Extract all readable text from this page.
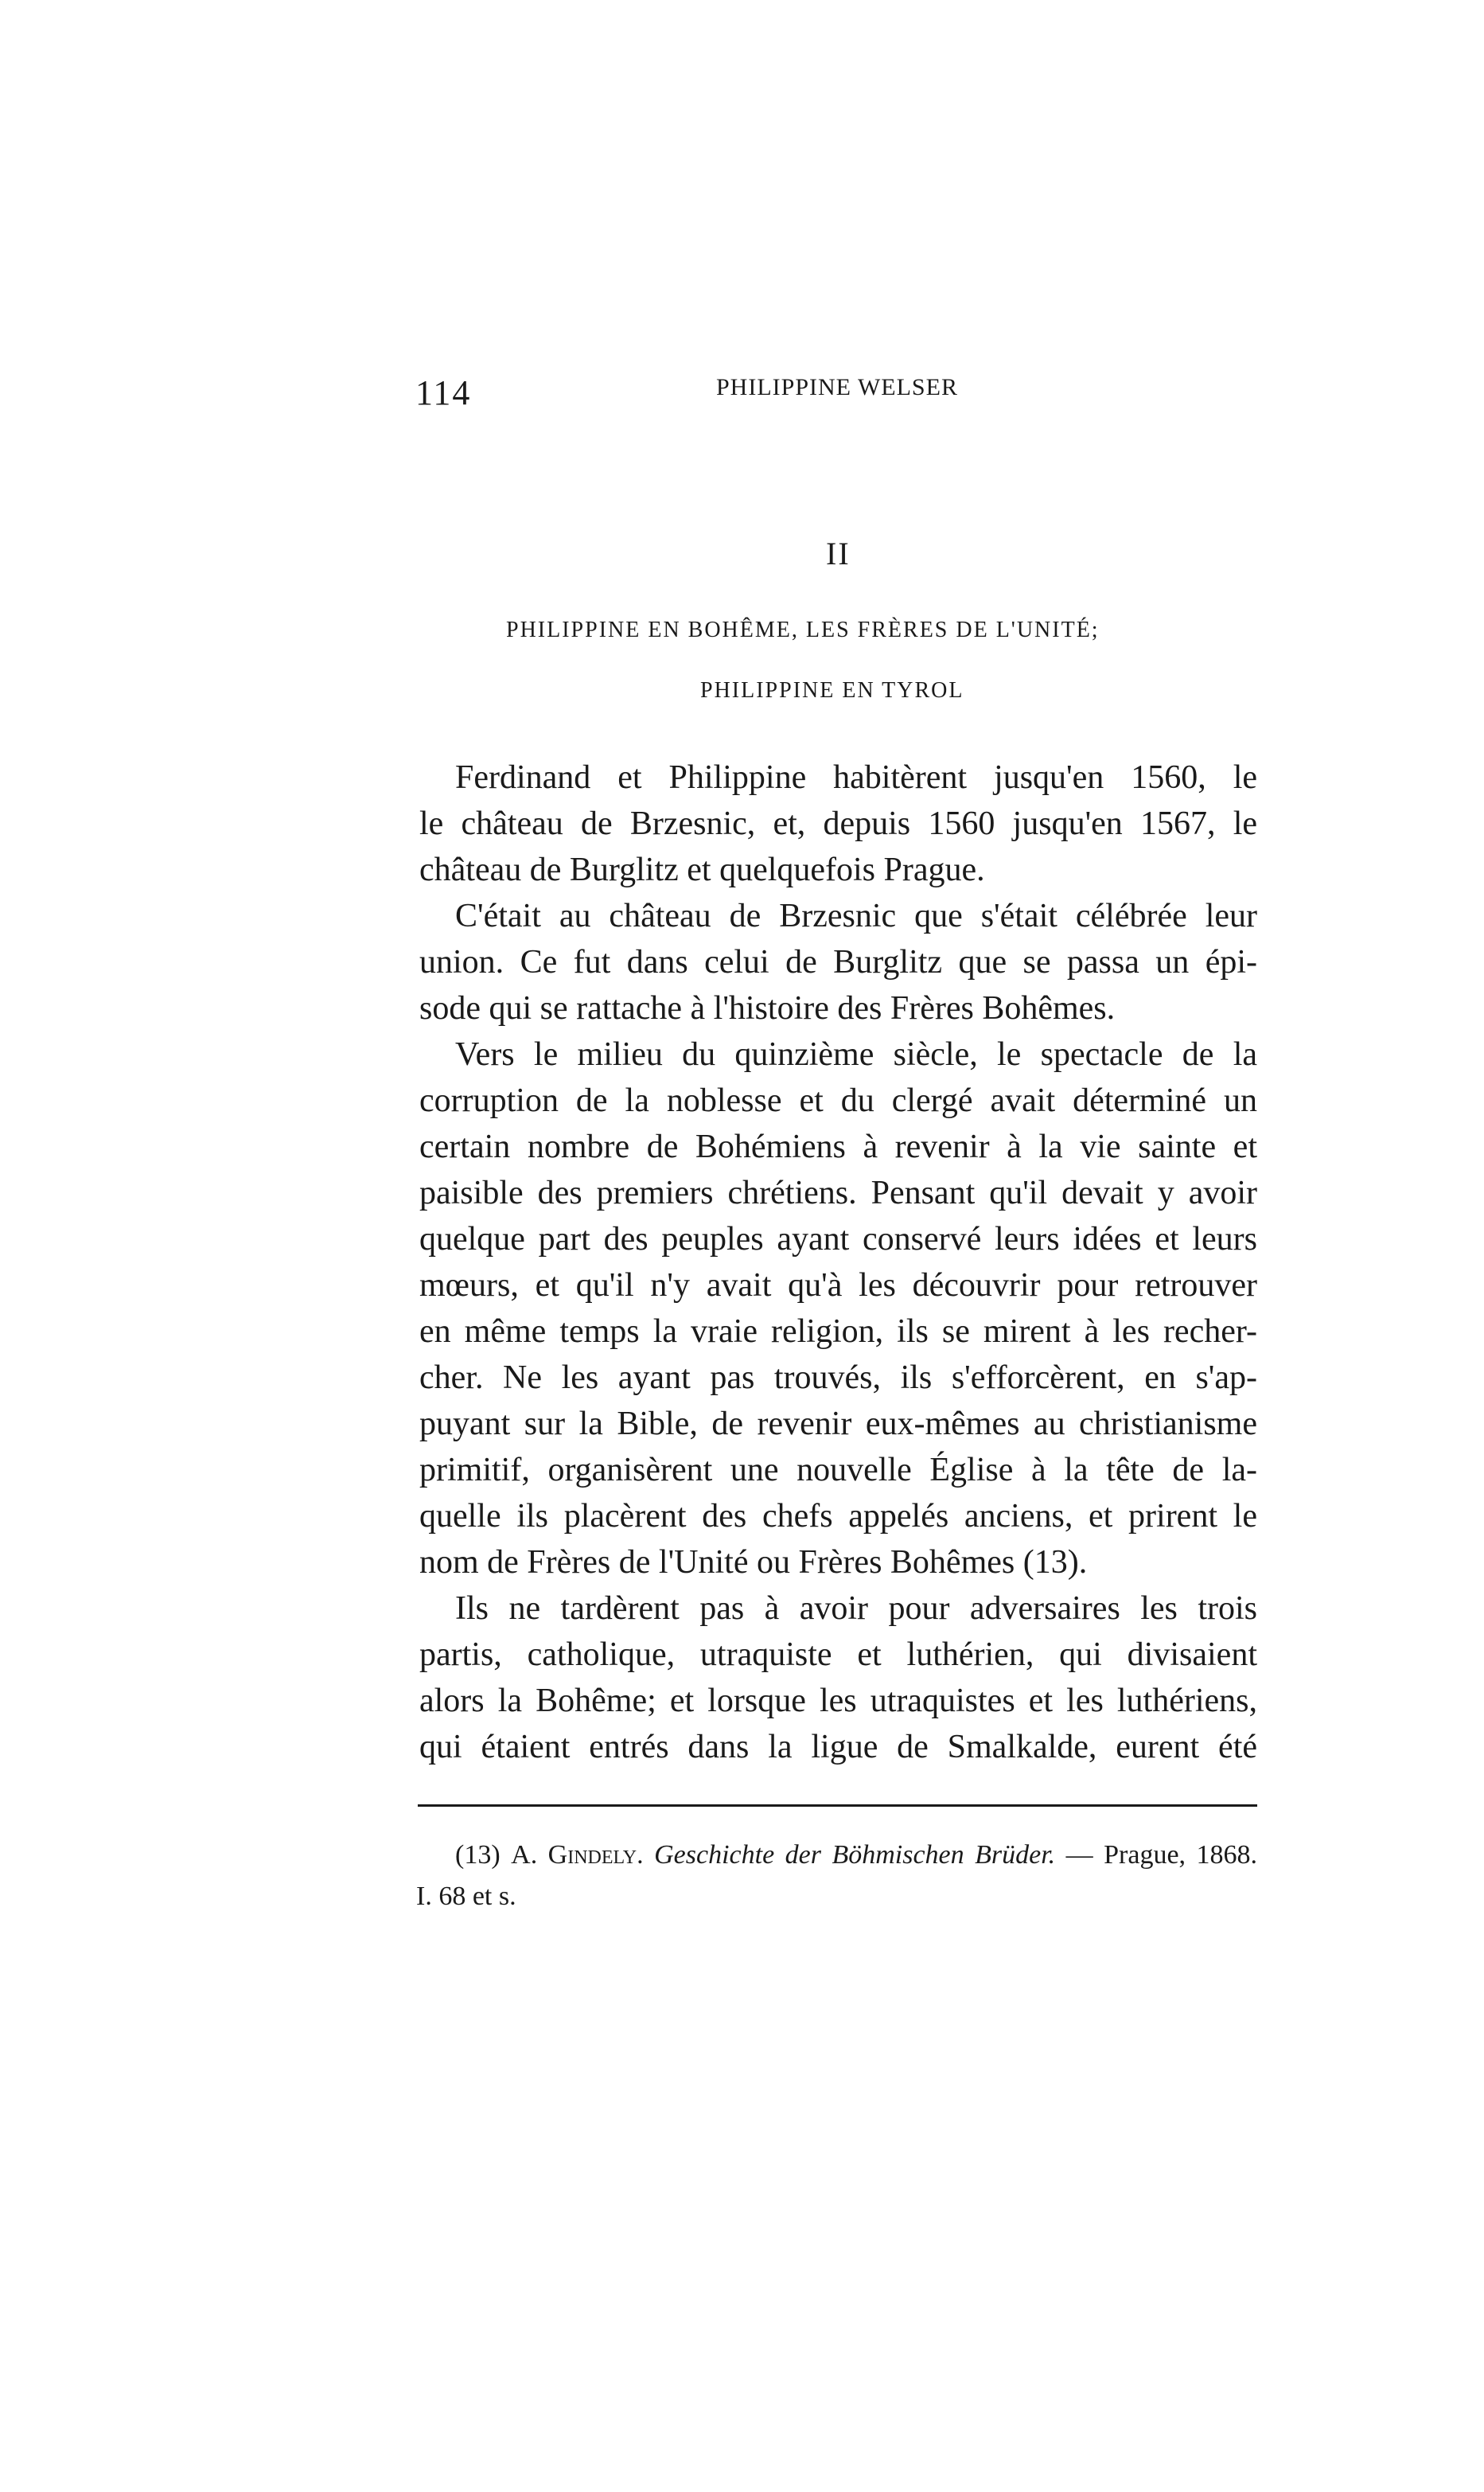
114	PHILIPPINE WELSER
II
PHILIPPINE EN BOHÊME, LES FRÈRES DE L'UNITÉ;
PHILIPPINE EN TYROL
Ferdinand et Philippine habitèrent jusqu'en 1560, le
le château de Brzesnic, et, depuis 1560 jusqu'en 1567, le
château de Burglitz et quelquefois Prague.
C'était au château de Brzesnic que s'était célébrée leur
union. Ce fut dans celui de Burglitz que se passa un épi-
sode qui se rattache à l'histoire des Frères Bohêmes.
Vers le milieu du quinzième siècle, le spectacle de la
corruption de la noblesse et du clergé avait déterminé un
certain nombre de Bohémiens à revenir à la vie sainte et
paisible des premiers chrétiens. Pensant qu'il devait y avoir
quelque part des peuples ayant conservé leurs idées et leurs
mœurs, et qu'il n'y avait qu'à les découvrir pour retrouver
en même temps la vraie religion, ils se mirent à les recher-
cher. Ne les ayant pas trouvés, ils s'efforcèrent, en s'ap-
puyant sur la Bible, de revenir eux-mêmes au christianisme
primitif, organisèrent une nouvelle Église à la tête de la-
quelle ils placèrent des chefs appelés anciens, et prirent le
nom de Frères de l'Unité ou Frères Bohêmes (13).
Ils ne tardèrent pas à avoir pour adversaires les trois
partis, catholique, utraquiste et luthérien, qui divisaient
alors la Bohême; et lorsque les utraquistes et les luthériens,
qui étaient entrés dans la ligue de Smalkalde, eurent été
(13) A. Gindely. Geschichte der Böhmischen Brüder. — Prague, 1868.
I. 68 et s.
